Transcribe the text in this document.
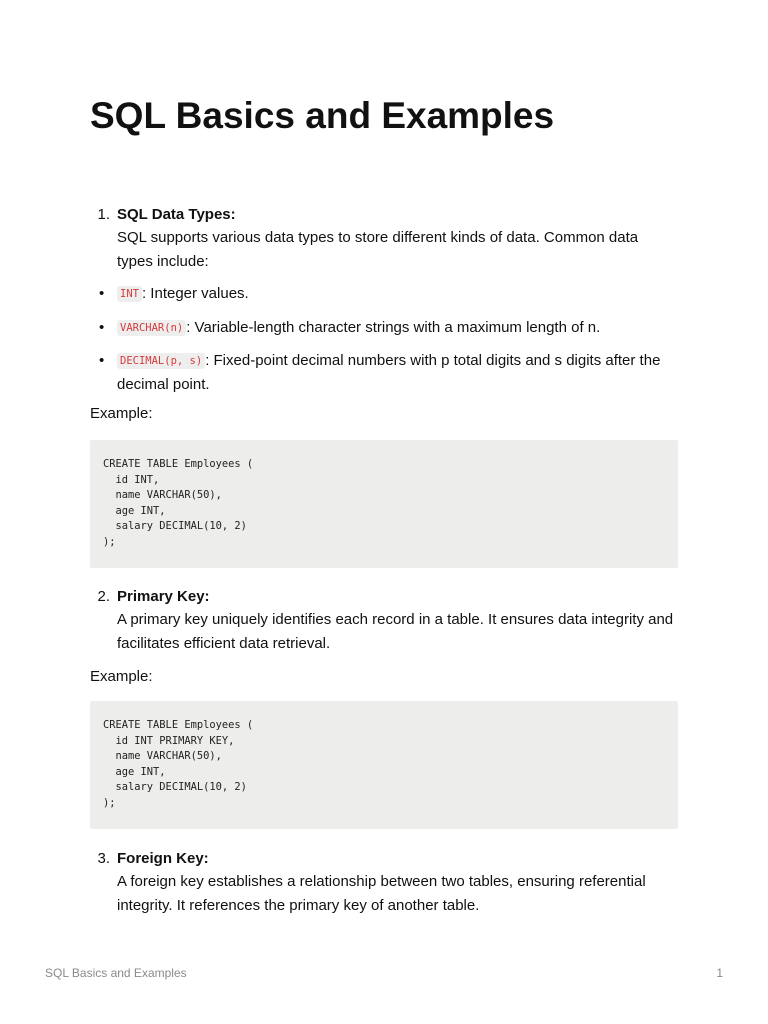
SQL Basics and Examples
1. SQL Data Types:
SQL supports various data types to store different kinds of data. Common data types include:
• INT : Integer values.
• VARCHAR(n) : Variable-length character strings with a maximum length of n.
• DECIMAL(p, s) : Fixed-point decimal numbers with p total digits and s digits after the decimal point.
Example:
CREATE TABLE Employees (
id INT,
name VARCHAR(50),
age INT,
salary DECIMAL(10, 2)
);
2. Primary Key:
A primary key uniquely identifies each record in a table. It ensures data integrity and facilitates efficient data retrieval.
Example:
CREATE TABLE Employees (
id INT PRIMARY KEY,
name VARCHAR(50),
age INT,
salary DECIMAL(10, 2)
);
3. Foreign Key:
A foreign key establishes a relationship between two tables, ensuring referential integrity. It references the primary key of another table.
SQL Basics and Examples	1
